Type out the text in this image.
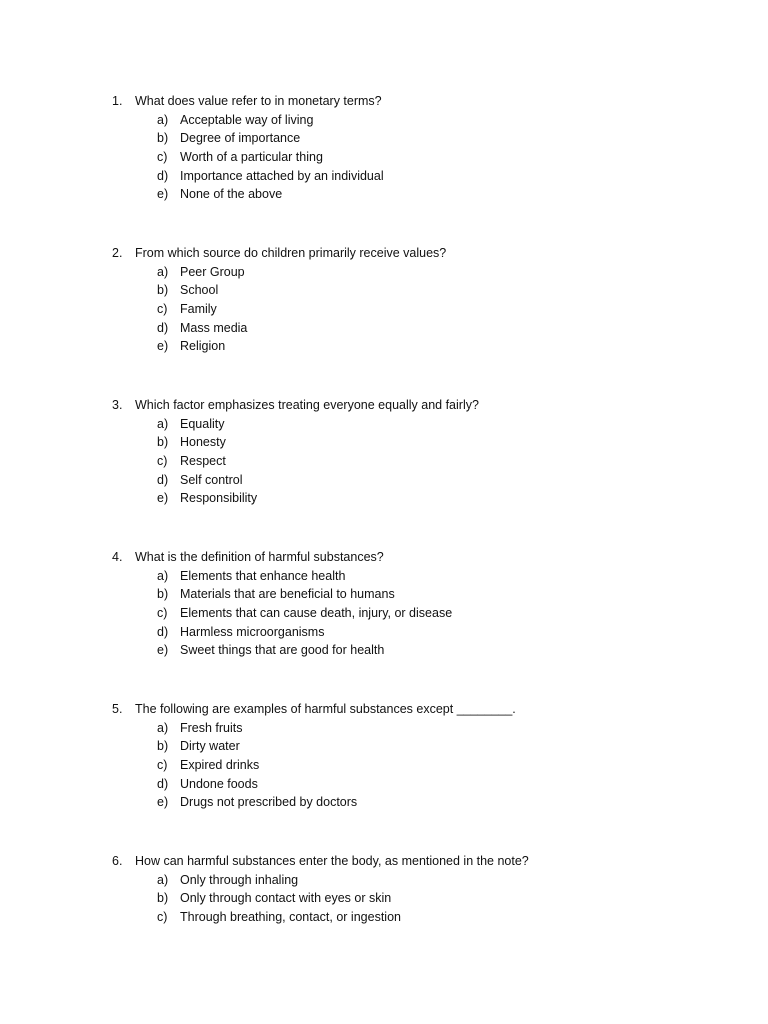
1.	What does value refer to in monetary terms?
a) Acceptable way of living
b) Degree of importance
c)	Worth of a particular thing
d) Importance attached by an individual
e) None of the above
2.	From which source do children primarily receive values?
a) Peer Group
b) School
c)	Family
d) Mass media
e) Religion
3.	Which factor emphasizes treating everyone equally and fairly?
a) Equality
b) Honesty
c)	Respect
d) Self control
e) Responsibility
4.	What is the definition of harmful substances?
a) Elements that enhance health
b) Materials that are beneficial to humans
c)	Elements that can cause death, injury, or disease
d) Harmless microorganisms
e) Sweet things that are good for health
5.	The following are examples of harmful substances except ________.
a) Fresh fruits
b) Dirty water
c)	Expired drinks
d) Undone foods
e) Drugs not prescribed by doctors
6.	How can harmful substances enter the body, as mentioned in the note?
a) Only through inhaling
b) Only through contact with eyes or skin
c)	Through breathing, contact, or ingestion
